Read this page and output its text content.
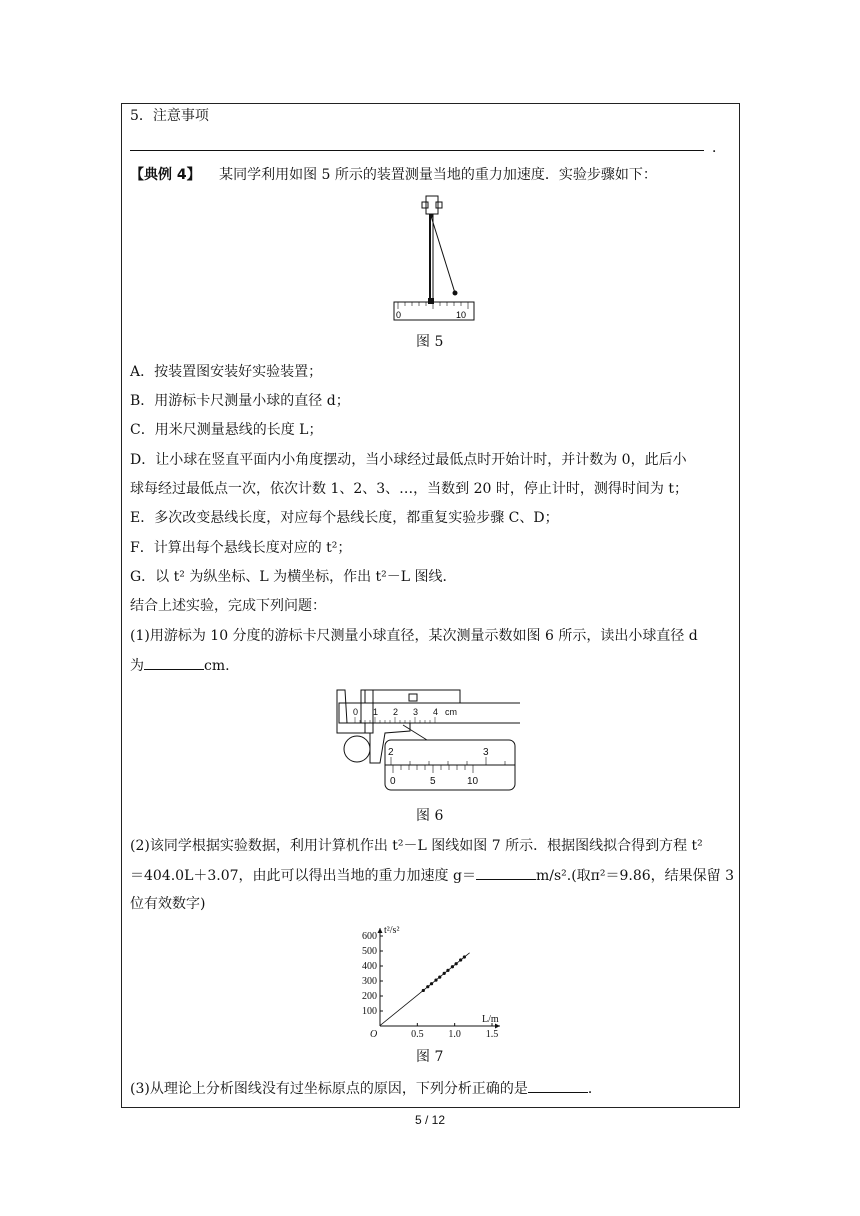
5．注意事项
．
【典例 4】 某同学利用如图 5 所示的装置测量当地的重力加速度．实验步骤如下：
0	10
图 5
A．按装置图安装好实验装置；
B．用游标卡尺测量小球的直径 d；
C．用米尺测量悬线的长度 L；
D．让小球在竖直平面内小角度摆动，当小球经过最低点时开始计时，并计数为 0，此后小
球每经过最低点一次，依次计数 1、2、3、…，当数到 20 时，停止计时，测得时间为 t；
E．多次改变悬线长度，对应每个悬线长度，都重复实验步骤 C、D；
F．计算出每个悬线长度对应的 t²；
G．以 t² 为纵坐标、L 为横坐标，作出 t²－L 图线．
结合上述实验，完成下列问题：
(1)用游标为 10 分度的游标卡尺测量小球直径，某次测量示数如图 6 所示，读出小球直径 d
为	cm.
0 1 2 3 4 cm
2	3
0	5	10
图 6
(2)该同学根据实验数据，利用计算机作出 t²－L 图线如图 7 所示．根据图线拟合得到方程 t²
＝404.0L＋3.07，由此可以得出当地的重力加速度 g＝	m/s².(取π²＝9.86，结果保留 3
位有效数字)
100
200
300
400
500
600
0.5 1.0 1.5
O
t²/s²
L/m
图 7
(3)从理论上分析图线没有过坐标原点的原因，下列分析正确的是	．
5 / 12
